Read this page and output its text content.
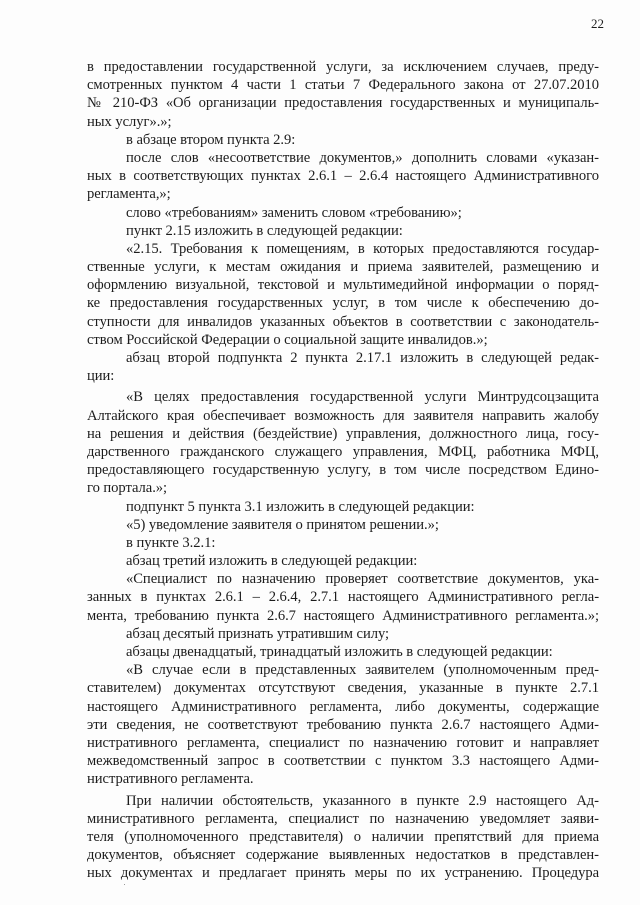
22
в предоставлении государственной услуги, за исключением случаев, преду-
смотренных пунктом 4 части 1 статьи 7 Федерального закона от 27.07.2010
№ 210-ФЗ «Об организации предоставления государственных и муниципаль-
ных услуг».»;
в абзаце втором пункта 2.9:
после слов «несоответствие документов,» дополнить словами «указан-
ных в соответствующих пунктах 2.6.1 – 2.6.4 настоящего Административного
регламента,»;
слово «требованиям» заменить словом «требованию»;
пункт 2.15 изложить в следующей редакции:
«2.15. Требования к помещениям, в которых предоставляются государ-
ственные услуги, к местам ожидания и приема заявителей, размещению и
оформлению визуальной, текстовой и мультимедийной информации о поряд-
ке предоставления государственных услуг, в том числе к обеспечению до-
ступности для инвалидов указанных объектов в соответствии с законодатель-
ством Российской Федерации о социальной защите инвалидов.»;
абзац второй подпункта 2 пункта 2.17.1 изложить в следующей редак-
ции:
«В целях предоставления государственной услуги Минтрудсоцзащита
Алтайского края обеспечивает возможность для заявителя направить жалобу
на решения и действия (бездействие) управления, должностного лица, госу-
дарственного гражданского служащего управления, МФЦ, работника МФЦ,
предоставляющего государственную услугу, в том числе посредством Едино-
го портала.»;
подпункт 5 пункта 3.1 изложить в следующей редакции:
«5) уведомление заявителя о принятом решении.»;
в пункте 3.2.1:
абзац третий изложить в следующей редакции:
«Специалист по назначению проверяет соответствие документов, ука-
занных в пунктах 2.6.1 – 2.6.4, 2.7.1 настоящего Административного регла-
мента, требованию пункта 2.6.7 настоящего Административного регламента.»;
абзац десятый признать утратившим силу;
абзацы двенадцатый, тринадцатый изложить в следующей редакции:
«В случае если в представленных заявителем (уполномоченным пред-
ставителем) документах отсутствуют сведения, указанные в пункте 2.7.1
настоящего Административного регламента, либо документы, содержащие
эти сведения, не соответствуют требованию пункта 2.6.7 настоящего Адми-
нистративного регламента, специалист по назначению готовит и направляет
межведомственный запрос в соответствии с пунктом 3.3 настоящего Адми-
нистративного регламента.
При наличии обстоятельств, указанного в пункте 2.9 настоящего Ад-
министративного регламента, специалист по назначению уведомляет заяви-
теля (уполномоченного представителя) о наличии препятствий для приема
документов, объясняет содержание выявленных недостатков в представлен-
ных документах и предлагает принять меры по их устранению. Процедура
